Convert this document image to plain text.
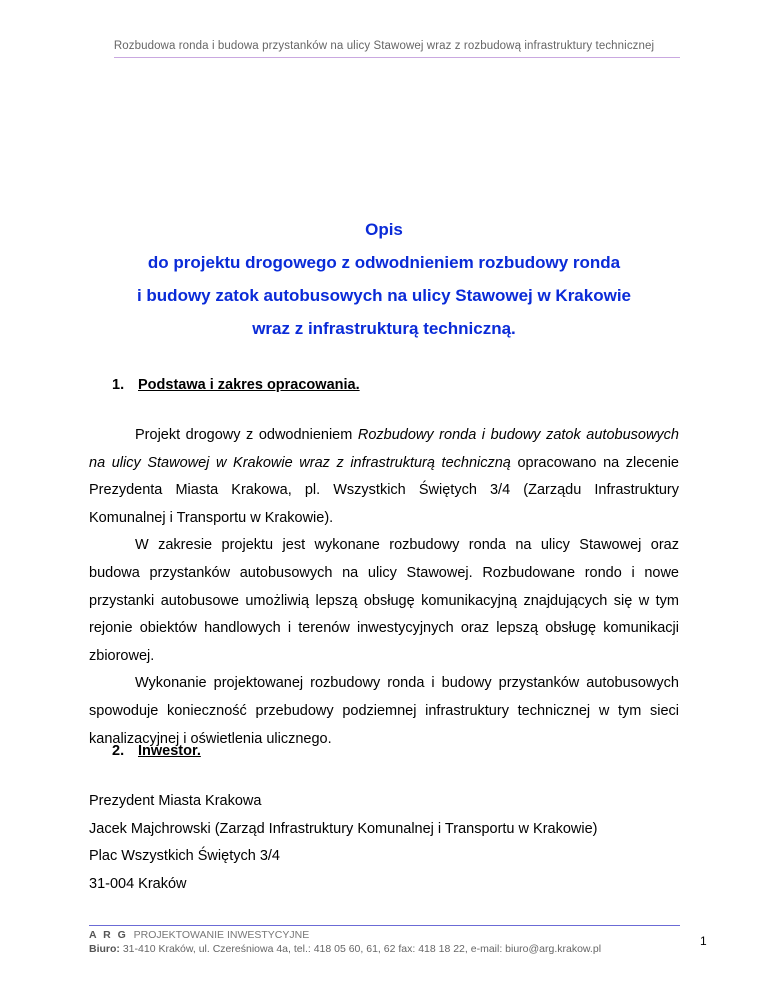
Rozbudowa ronda i budowa przystanków na ulicy Stawowej wraz z rozbudową infrastruktury technicznej
Opis
do projektu drogowego z odwodnieniem rozbudowy ronda
i budowy zatok autobusowych na ulicy Stawowej w Krakowie
wraz z infrastrukturą techniczną.
1. Podstawa i zakres opracowania.

Projekt drogowy z odwodnieniem Rozbudowy ronda i budowy zatok autobusowych na ulicy Stawowej w Krakowie wraz z infrastrukturą techniczną opracowano na zlecenie Prezydenta Miasta Krakowa, pl. Wszystkich Świętych 3/4 (Zarządu Infrastruktury Komunalnej i Transportu w Krakowie).

W zakresie projektu jest wykonane rozbudowy ronda na ulicy Stawowej oraz budowa przystanków autobusowych na ulicy Stawowej. Rozbudowane rondo i nowe przystanki autobusowe umożliwią lepszą obsługę komunikacyjną znajdujących się w tym rejonie obiektów handlowych i terenów inwestycyjnych oraz lepszą obsługę komunikacji zbiorowej.

Wykonanie projektowanej rozbudowy ronda i budowy przystanków autobusowych spowoduje konieczność przebudowy podziemnej infrastruktury technicznej w tym sieci kanalizacyjnej i oświetlenia ulicznego.

2. Inwestor.
Prezydent Miasta Krakowa
Jacek Majchrowski (Zarząd Infrastruktury Komunalnej i Transportu w Krakowie)
Plac Wszystkich Świętych 3/4
31-004 Kraków
A R G PROJEKTOWANIE INWESTYCYJNE
Biuro: 31-410 Kraków, ul. Czereśniowa 4a, tel.: 418 05 60, 61, 62 fax: 418 18 22, e-mail: biuro@arg.krakow.pl
1
